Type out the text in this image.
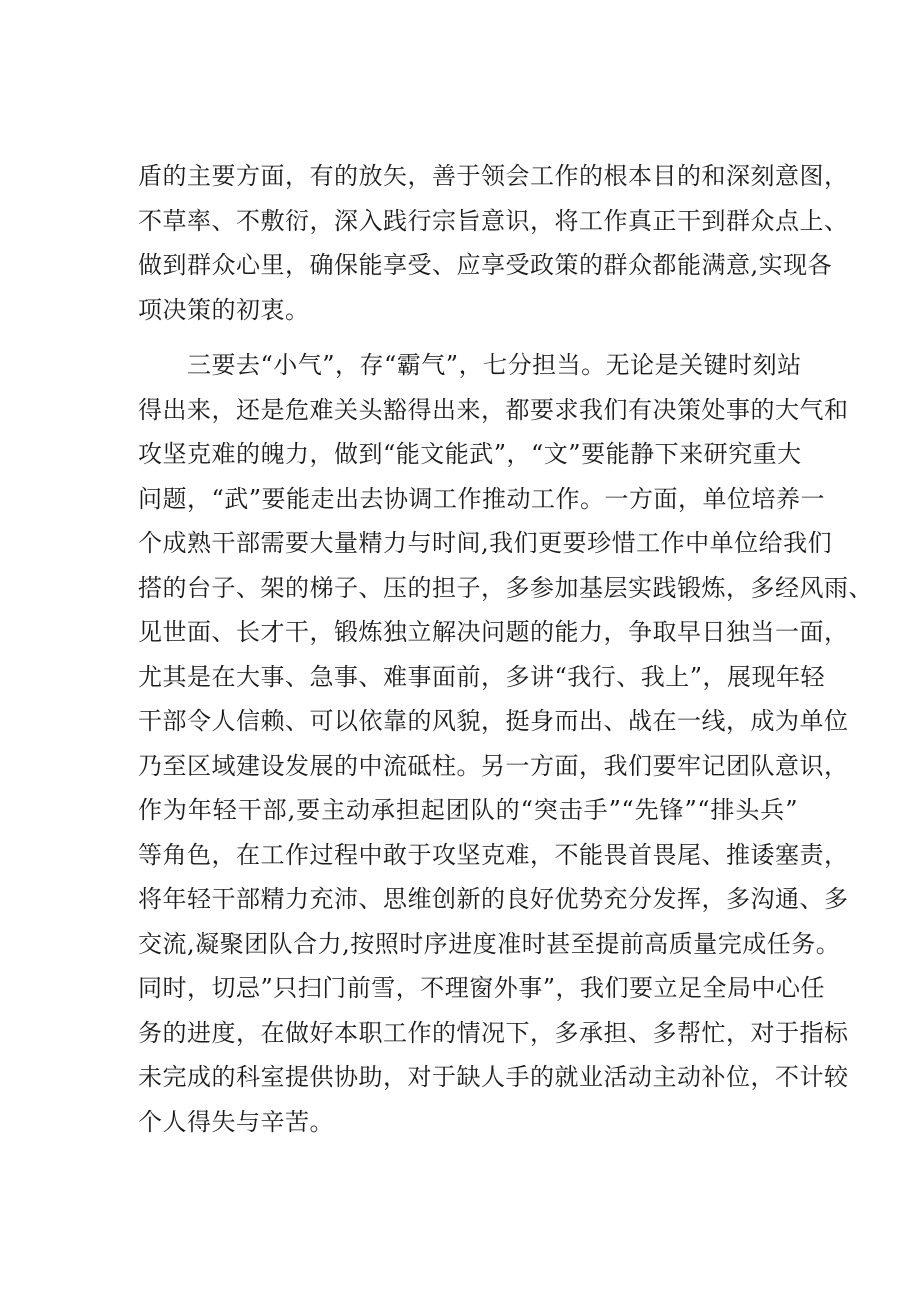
盾的主要方面，有的放矢，善于领会工作的根本目的和深刻意图，
不草率、不敷衍，深入践行宗旨意识，将工作真正干到群众点上、
做到群众心里，确保能享受、应享受政策的群众都能满意,实现各
项决策的初衷。
　　三要去“小气”，存“霸气”，七分担当。无论是关键时刻站
得出来，还是危难关头豁得出来，都要求我们有决策处事的大气和
攻坚克难的魄力，做到“能文能武”，“文”要能静下来研究重大
问题，“武”要能走出去协调工作推动工作。一方面，单位培养一
个成熟干部需要大量精力与时间,我们更要珍惜工作中单位给我们
搭的台子、架的梯子、压的担子，多参加基层实践锻炼，多经风雨、
见世面、长才干，锻炼独立解决问题的能力，争取早日独当一面，
尤其是在大事、急事、难事面前，多讲“我行、我上”，展现年轻
干部令人信赖、可以依靠的风貌，挺身而出、战在一线，成为单位
乃至区域建设发展的中流砥柱。另一方面，我们要牢记团队意识，
作为年轻干部,要主动承担起团队的“突击手”“先锋”“排头兵”
等角色，在工作过程中敢于攻坚克难，不能畏首畏尾、推诿塞责，
将年轻干部精力充沛、思维创新的良好优势充分发挥，多沟通、多
交流,凝聚团队合力,按照时序进度准时甚至提前高质量完成任务。
同时，切忌”只扫门前雪，不理窗外事”，我们要立足全局中心任
务的进度，在做好本职工作的情况下，多承担、多帮忙，对于指标
未完成的科室提供协助，对于缺人手的就业活动主动补位，不计较
个人得失与辛苦。
